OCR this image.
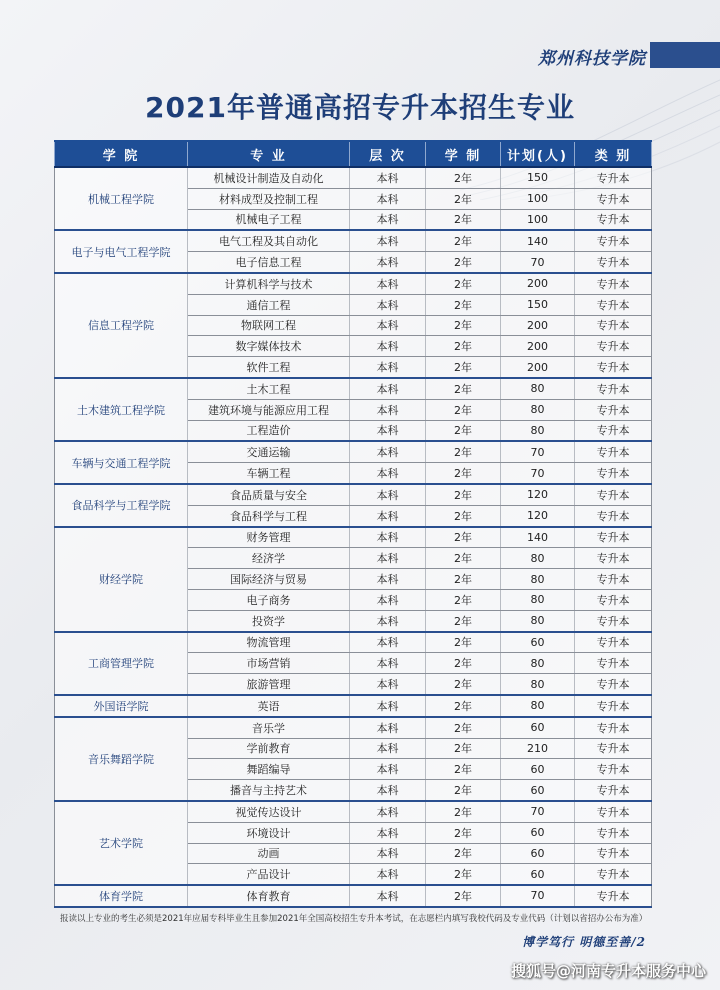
郑州科技学院
2021年普通高招专升本招生专业
学 院	专 业	层 次	学 制	计划(人)	类 别
机械工程学院	机械设计制造及自动化	本科	2年	150	专升本
	材料成型及控制工程	本科	2年	100	专升本
	机械电子工程	本科	2年	100	专升本
电子与电气工程学院	电气工程及其自动化	本科	2年	140	专升本
	电子信息工程	本科	2年	70	专升本
信息工程学院	计算机科学与技术	本科	2年	200	专升本
	通信工程	本科	2年	150	专升本
	物联网工程	本科	2年	200	专升本
	数字媒体技术	本科	2年	200	专升本
	软件工程	本科	2年	200	专升本
土木建筑工程学院	土木工程	本科	2年	80	专升本
	建筑环境与能源应用工程	本科	2年	80	专升本
	工程造价	本科	2年	80	专升本
车辆与交通工程学院	交通运输	本科	2年	70	专升本
	车辆工程	本科	2年	70	专升本
食品科学与工程学院	食品质量与安全	本科	2年	120	专升本
	食品科学与工程	本科	2年	120	专升本
财经学院	财务管理	本科	2年	140	专升本
	经济学	本科	2年	80	专升本
	国际经济与贸易	本科	2年	80	专升本
	电子商务	本科	2年	80	专升本
	投资学	本科	2年	80	专升本
工商管理学院	物流管理	本科	2年	60	专升本
	市场营销	本科	2年	80	专升本
	旅游管理	本科	2年	80	专升本
外国语学院	英语	本科	2年	80	专升本
音乐舞蹈学院	音乐学	本科	2年	60	专升本
	学前教育	本科	2年	210	专升本
	舞蹈编导	本科	2年	60	专升本
	播音与主持艺术	本科	2年	60	专升本
艺术学院	视觉传达设计	本科	2年	70	专升本
	环境设计	本科	2年	60	专升本
	动画	本科	2年	60	专升本
	产品设计	本科	2年	60	专升本
体育学院	体育教育	本科	2年	70	专升本
报读以上专业的考生必须是2021年应届专科毕业生且参加2021年全国高校招生专升本考试，在志愿栏内填写我校代码及专业代码（计划以省招办公布为准）
博学笃行 明德至善/2
搜狐号@河南专升本服务中心
